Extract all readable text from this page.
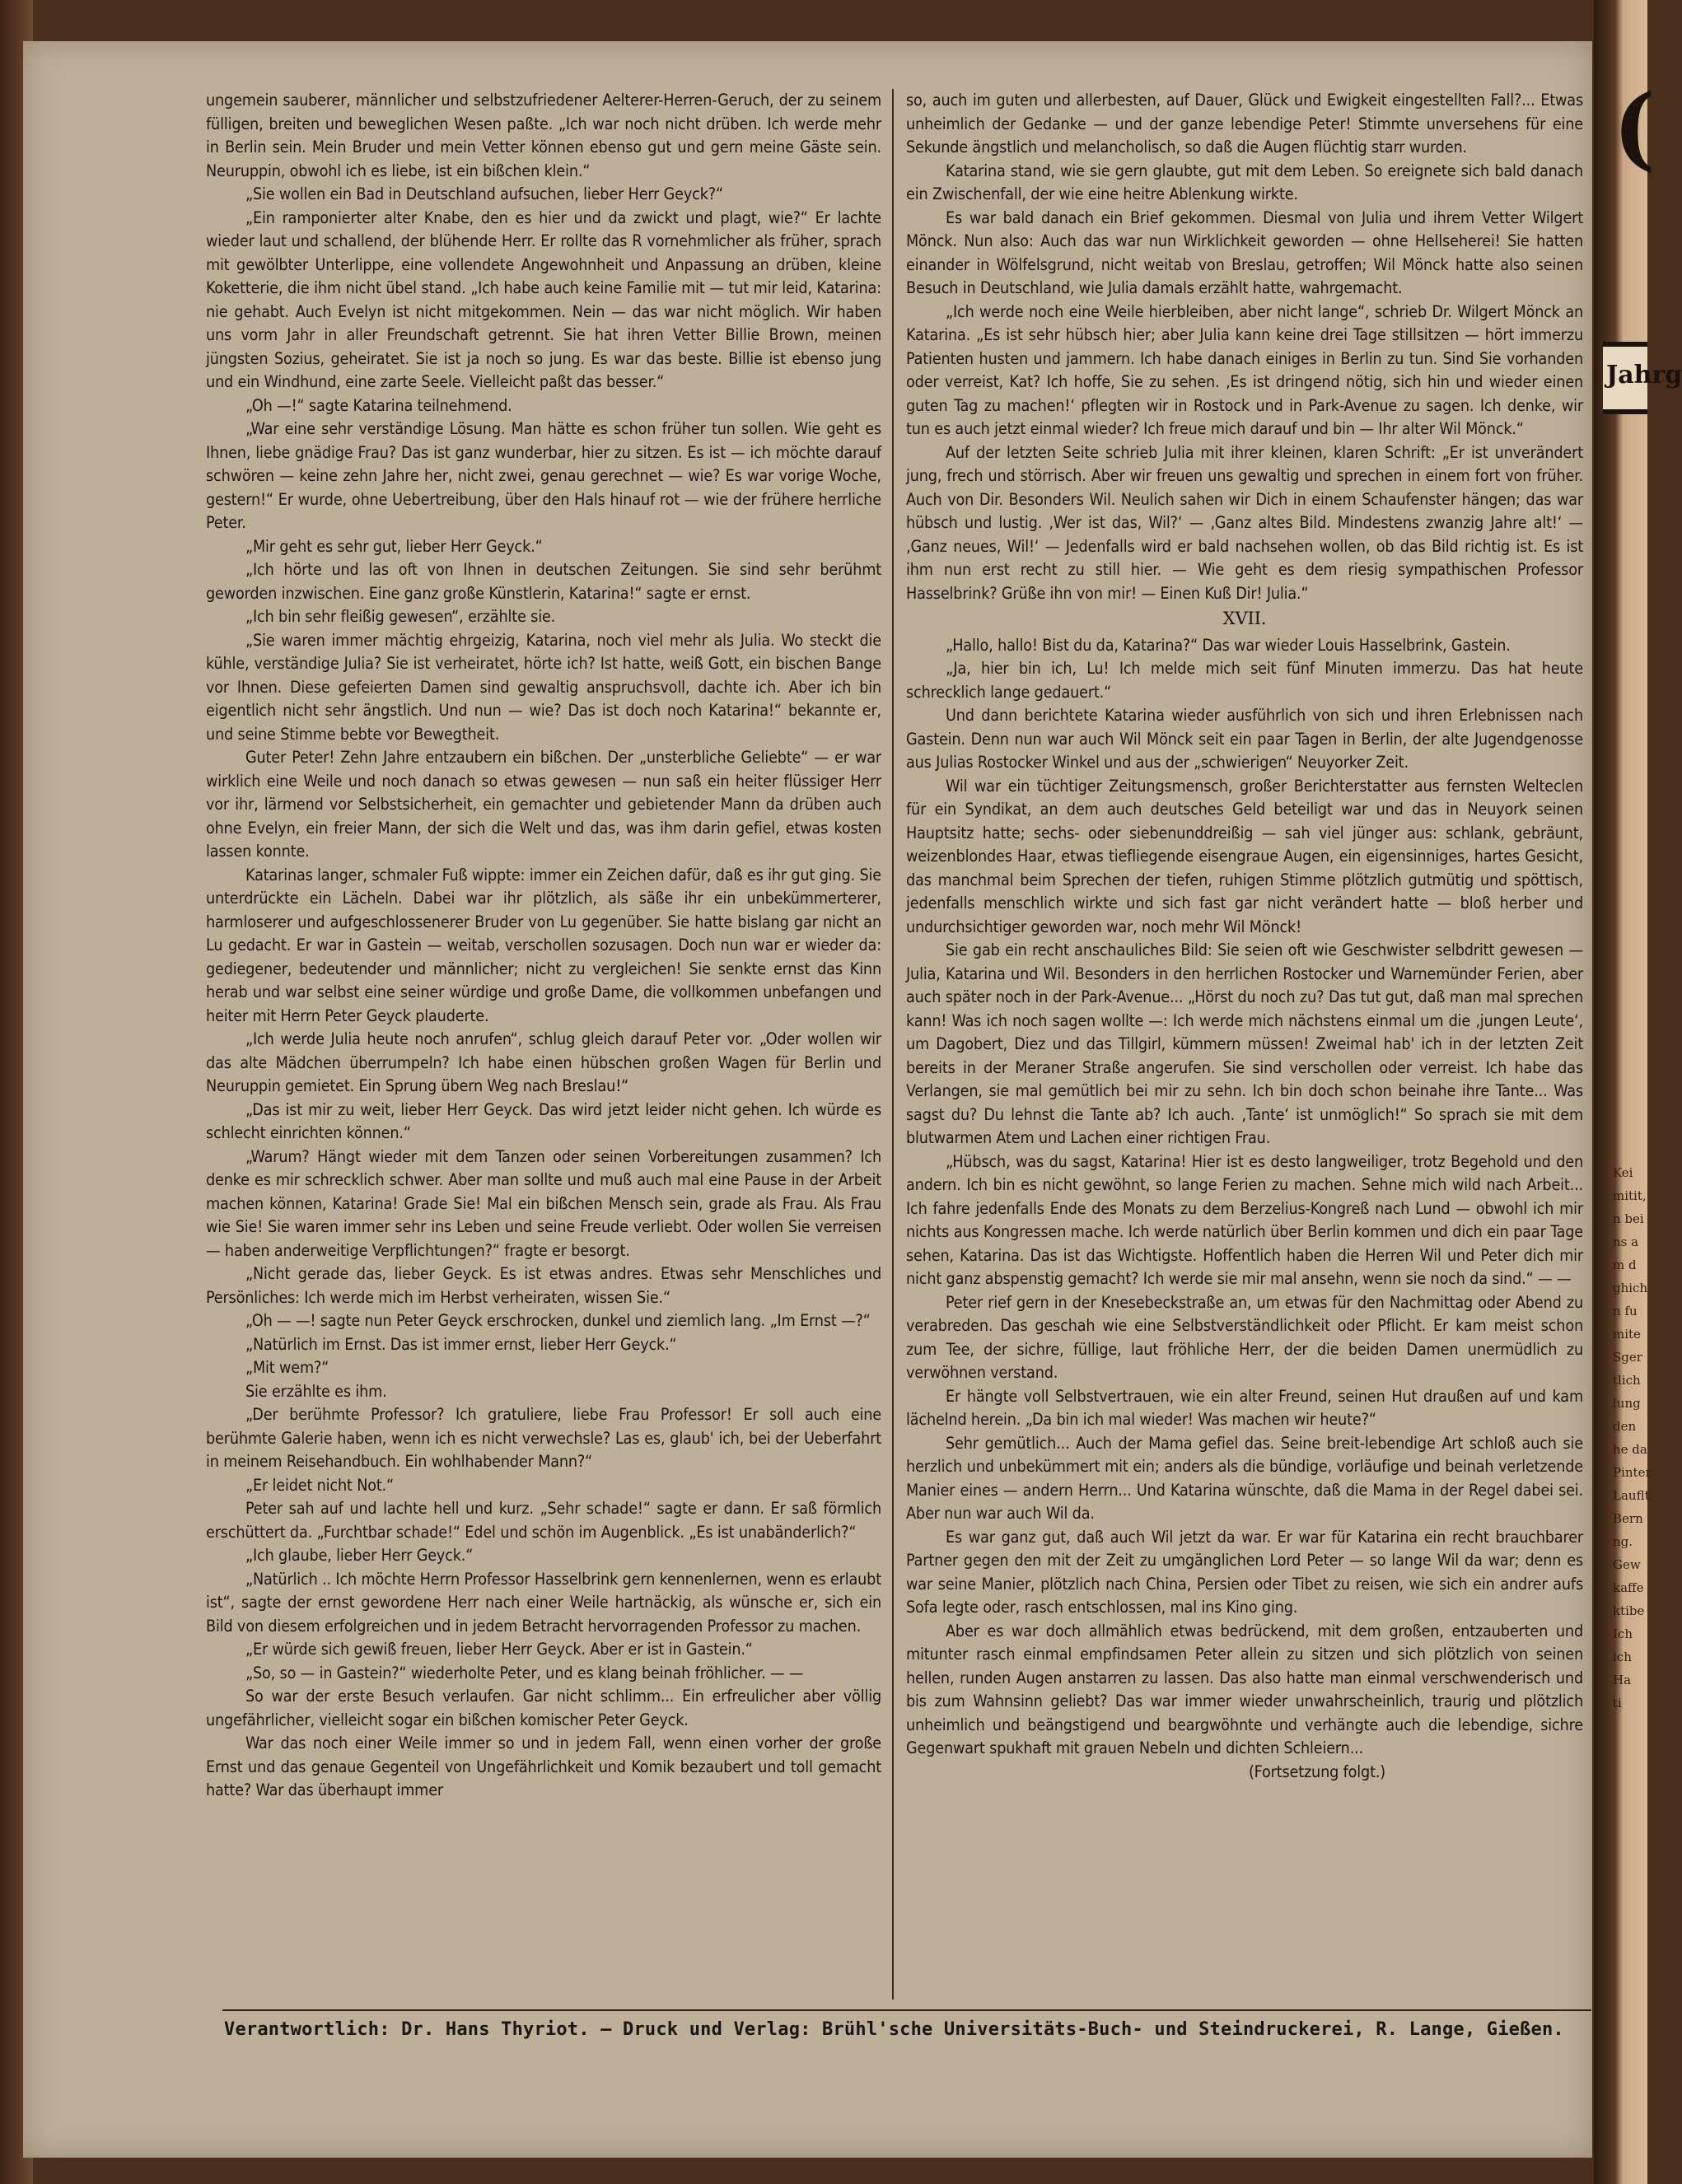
(
Jahrg
Kei
mitit,
n bei
ns a
m d
ghich
n fu
mite
Sger
tlich
lung
den
he da
Pinter
Lauflt
Bern
ng.
Gew
kaffe
ktibe
Ich
ich
Ha
ti

ungemein sauberer, männlicher und selbstzufriedener Aelterer-Herren-Geruch, der zu seinem fülligen, breiten und beweglichen Wesen paßte. „Ich war noch nicht drüben. Ich werde mehr in Berlin sein. Mein Bruder und mein Vetter können ebenso gut und gern meine Gäste sein. Neuruppin, obwohl ich es liebe, ist ein bißchen klein.“

„Sie wollen ein Bad in Deutschland aufsuchen, lieber Herr Geyck?“

„Ein ramponierter alter Knabe, den es hier und da zwickt und plagt, wie?“ Er lachte wieder laut und schallend, der blühende Herr. Er rollte das R vornehmlicher als früher, sprach mit gewölbter Unterlippe, eine vollendete Angewohnheit und Anpassung an drüben, kleine Koketterie, die ihm nicht übel stand. „Ich habe auch keine Familie mit — tut mir leid, Katarina: nie gehabt. Auch Evelyn ist nicht mitgekommen. Nein — das war nicht möglich. Wir haben uns vorm Jahr in aller Freundschaft getrennt. Sie hat ihren Vetter Billie Brown, meinen jüngsten Sozius, geheiratet. Sie ist ja noch so jung. Es war das beste. Billie ist ebenso jung und ein Windhund, eine zarte Seele. Vielleicht paßt das besser.“

„Oh —!“ sagte Katarina teilnehmend.

„War eine sehr verständige Lösung. Man hätte es schon früher tun sollen. Wie geht es Ihnen, liebe gnädige Frau? Das ist ganz wunderbar, hier zu sitzen. Es ist — ich möchte darauf schwören — keine zehn Jahre her, nicht zwei, genau gerechnet — wie? Es war vorige Woche, gestern!“ Er wurde, ohne Uebertreibung, über den Hals hinauf rot — wie der frühere herrliche Peter.

„Mir geht es sehr gut, lieber Herr Geyck.“

„Ich hörte und las oft von Ihnen in deutschen Zeitungen. Sie sind sehr berühmt geworden inzwischen. Eine ganz große Künstlerin, Katarina!“ sagte er ernst.

„Ich bin sehr fleißig gewesen“, erzählte sie.

„Sie waren immer mächtig ehrgeizig, Katarina, noch viel mehr als Julia. Wo steckt die kühle, verständige Julia? Sie ist verheiratet, hörte ich? Ist hatte, weiß Gott, ein bischen Bange vor Ihnen. Diese gefeierten Damen sind gewaltig anspruchsvoll, dachte ich. Aber ich bin eigentlich nicht sehr ängstlich. Und nun — wie? Das ist doch noch Katarina!“ bekannte er, und seine Stimme bebte vor Bewegtheit.

Guter Peter! Zehn Jahre entzaubern ein bißchen. Der „unsterbliche Geliebte“ — er war wirklich eine Weile und noch danach so etwas gewesen — nun saß ein heiter flüssiger Herr vor ihr, lärmend vor Selbstsicherheit, ein gemachter und gebietender Mann da drüben auch ohne Evelyn, ein freier Mann, der sich die Welt und das, was ihm darin gefiel, etwas kosten lassen konnte.

Katarinas langer, schmaler Fuß wippte: immer ein Zeichen dafür, daß es ihr gut ging. Sie unterdrückte ein Lächeln. Dabei war ihr plötzlich, als säße ihr ein unbekümmerterer, harmloserer und aufgeschlossenerer Bruder von Lu gegenüber. Sie hatte bislang gar nicht an Lu gedacht. Er war in Gastein — weitab, verschollen sozusagen. Doch nun war er wieder da: gediegener, bedeutender und männlicher; nicht zu vergleichen! Sie senkte ernst das Kinn herab und war selbst eine seiner würdige und große Dame, die vollkommen unbefangen und heiter mit Herrn Peter Geyck plauderte.

„Ich werde Julia heute noch anrufen“, schlug gleich darauf Peter vor. „Oder wollen wir das alte Mädchen überrumpeln? Ich habe einen hübschen großen Wagen für Berlin und Neuruppin gemietet. Ein Sprung übern Weg nach Breslau!“

„Das ist mir zu weit, lieber Herr Geyck. Das wird jetzt leider nicht gehen. Ich würde es schlecht einrichten können.“

„Warum? Hängt wieder mit dem Tanzen oder seinen Vorbereitungen zusammen? Ich denke es mir schrecklich schwer. Aber man sollte und muß auch mal eine Pause in der Arbeit machen können, Katarina! Grade Sie! Mal ein bißchen Mensch sein, grade als Frau. Als Frau wie Sie! Sie waren immer sehr ins Leben und seine Freude verliebt. Oder wollen Sie verreisen — haben anderweitige Verpflichtungen?“ fragte er besorgt.

„Nicht gerade das, lieber Geyck. Es ist etwas andres. Etwas sehr Menschliches und Persönliches: Ich werde mich im Herbst verheiraten, wissen Sie.“

„Oh — —! sagte nun Peter Geyck erschrocken, dunkel und ziemlich lang. „Im Ernst —?“

„Natürlich im Ernst. Das ist immer ernst, lieber Herr Geyck.“

„Mit wem?“

Sie erzählte es ihm.

„Der berühmte Professor? Ich gratuliere, liebe Frau Professor! Er soll auch eine berühmte Galerie haben, wenn ich es nicht verwechsle? Las es, glaub' ich, bei der Ueberfahrt in meinem Reisehandbuch. Ein wohlhabender Mann?“

„Er leidet nicht Not.“

Peter sah auf und lachte hell und kurz. „Sehr schade!“ sagte er dann. Er saß förmlich erschüttert da. „Furchtbar schade!“ Edel und schön im Augenblick. „Es ist unabänderlich?“

„Ich glaube, lieber Herr Geyck.“

„Natürlich .. Ich möchte Herrn Professor Hasselbrink gern kennenlernen, wenn es erlaubt ist“, sagte der ernst gewordene Herr nach einer Weile hartnäckig, als wünsche er, sich ein Bild von diesem erfolgreichen und in jedem Betracht hervorragenden Professor zu machen.

„Er würde sich gewiß freuen, lieber Herr Geyck. Aber er ist in Gastein.“

„So, so — in Gastein?“ wiederholte Peter, und es klang beinah fröhlicher. — —

So war der erste Besuch verlaufen. Gar nicht schlimm... Ein erfreulicher aber völlig ungefährlicher, vielleicht sogar ein bißchen komischer Peter Geyck.

War das noch einer Weile immer so und in jedem Fall, wenn einen vorher der große Ernst und das genaue Gegenteil von Ungefährlichkeit und Komik bezaubert und toll gemacht hatte? War das überhaupt immer

so, auch im guten und allerbesten, auf Dauer, Glück und Ewigkeit eingestellten Fall?... Etwas unheimlich der Gedanke — und der ganze lebendige Peter! Stimmte unversehens für eine Sekunde ängstlich und melancholisch, so daß die Augen flüchtig starr wurden.

Katarina stand, wie sie gern glaubte, gut mit dem Leben. So ereignete sich bald danach ein Zwischenfall, der wie eine heitre Ablenkung wirkte.

Es war bald danach ein Brief gekommen. Diesmal von Julia und ihrem Vetter Wilgert Mönck. Nun also: Auch das war nun Wirklichkeit geworden — ohne Hellseherei! Sie hatten einander in Wölfelsgrund, nicht weitab von Breslau, getroffen; Wil Mönck hatte also seinen Besuch in Deutschland, wie Julia damals erzählt hatte, wahrgemacht.

„Ich werde noch eine Weile hierbleiben, aber nicht lange“, schrieb Dr. Wilgert Mönck an Katarina. „Es ist sehr hübsch hier; aber Julia kann keine drei Tage stillsitzen — hört immerzu Patienten husten und jammern. Ich habe danach einiges in Berlin zu tun. Sind Sie vorhanden oder verreist, Kat? Ich hoffe, Sie zu sehen. ‚Es ist dringend nötig, sich hin und wieder einen guten Tag zu machen!‘ pflegten wir in Rostock und in Park-Avenue zu sagen. Ich denke, wir tun es auch jetzt einmal wieder? Ich freue mich darauf und bin — Ihr alter Wil Mönck.“

Auf der letzten Seite schrieb Julia mit ihrer kleinen, klaren Schrift: „Er ist unverändert jung, frech und störrisch. Aber wir freuen uns gewaltig und sprechen in einem fort von früher. Auch von Dir. Besonders Wil. Neulich sahen wir Dich in einem Schaufenster hängen; das war hübsch und lustig. ‚Wer ist das, Wil?‘ — ‚Ganz altes Bild. Mindestens zwanzig Jahre alt!‘ — ‚Ganz neues, Wil!‘ — Jedenfalls wird er bald nachsehen wollen, ob das Bild richtig ist. Es ist ihm nun erst recht zu still hier. — Wie geht es dem riesig sympathischen Professor Hasselbrink? Grüße ihn von mir! — Einen Kuß Dir! Julia.“

XVII.

„Hallo, hallo! Bist du da, Katarina?“ Das war wieder Louis Hasselbrink, Gastein.

„Ja, hier bin ich, Lu! Ich melde mich seit fünf Minuten immerzu. Das hat heute schrecklich lange gedauert.“

Und dann berichtete Katarina wieder ausführlich von sich und ihren Erlebnissen nach Gastein. Denn nun war auch Wil Mönck seit ein paar Tagen in Berlin, der alte Jugendgenosse aus Julias Rostocker Winkel und aus der „schwierigen“ Neuyorker Zeit.

Wil war ein tüchtiger Zeitungsmensch, großer Berichterstatter aus fernsten Welteclen für ein Syndikat, an dem auch deutsches Geld beteiligt war und das in Neuyork seinen Hauptsitz hatte; sechs- oder siebenunddreißig — sah viel jünger aus: schlank, gebräunt, weizenblondes Haar, etwas tiefliegende eisengraue Augen, ein eigensinniges, hartes Gesicht, das manchmal beim Sprechen der tiefen, ruhigen Stimme plötzlich gutmütig und spöttisch, jedenfalls menschlich wirkte und sich fast gar nicht verändert hatte — bloß herber und undurchsichtiger geworden war, noch mehr Wil Mönck!

Sie gab ein recht anschauliches Bild: Sie seien oft wie Geschwister selbdritt gewesen — Julia, Katarina und Wil. Besonders in den herrlichen Rostocker und Warnemünder Ferien, aber auch später noch in der Park-Avenue... „Hörst du noch zu? Das tut gut, daß man mal sprechen kann! Was ich noch sagen wollte —: Ich werde mich nächstens einmal um die ‚jungen Leute‘, um Dagobert, Diez und das Tillgirl, kümmern müssen! Zweimal hab' ich in der letzten Zeit bereits in der Meraner Straße angerufen. Sie sind verschollen oder verreist. Ich habe das Verlangen, sie mal gemütlich bei mir zu sehn. Ich bin doch schon beinahe ihre Tante... Was sagst du? Du lehnst die Tante ab? Ich auch. ‚Tante‘ ist unmöglich!“ So sprach sie mit dem blutwarmen Atem und Lachen einer richtigen Frau.

„Hübsch, was du sagst, Katarina! Hier ist es desto langweiliger, trotz Begehold und den andern. Ich bin es nicht gewöhnt, so lange Ferien zu machen. Sehne mich wild nach Arbeit... Ich fahre jedenfalls Ende des Monats zu dem Berzelius-Kongreß nach Lund — obwohl ich mir nichts aus Kongressen mache. Ich werde natürlich über Berlin kommen und dich ein paar Tage sehen, Katarina. Das ist das Wichtigste. Hoffentlich haben die Herren Wil und Peter dich mir nicht ganz abspenstig gemacht? Ich werde sie mir mal ansehn, wenn sie noch da sind.“ — —

Peter rief gern in der Knesebeckstraße an, um etwas für den Nachmittag oder Abend zu verabreden. Das geschah wie eine Selbstverständlichkeit oder Pflicht. Er kam meist schon zum Tee, der sichre, füllige, laut fröhliche Herr, der die beiden Damen unermüdlich zu verwöhnen verstand.

Er hängte voll Selbstvertrauen, wie ein alter Freund, seinen Hut draußen auf und kam lächelnd herein. „Da bin ich mal wieder! Was machen wir heute?“

Sehr gemütlich... Auch der Mama gefiel das. Seine breit-lebendige Art schloß auch sie herzlich und unbekümmert mit ein; anders als die bündige, vorläufige und beinah verletzende Manier eines — andern Herrn... Und Katarina wünschte, daß die Mama in der Regel dabei sei. Aber nun war auch Wil da.

Es war ganz gut, daß auch Wil jetzt da war. Er war für Katarina ein recht brauchbarer Partner gegen den mit der Zeit zu umgänglichen Lord Peter — so lange Wil da war; denn es war seine Manier, plötzlich nach China, Persien oder Tibet zu reisen, wie sich ein andrer aufs Sofa legte oder, rasch entschlossen, mal ins Kino ging.

Aber es war doch allmählich etwas bedrückend, mit dem großen, entzauberten und mitunter rasch einmal empfindsamen Peter allein zu sitzen und sich plötzlich von seinen hellen, runden Augen anstarren zu lassen. Das also hatte man einmal verschwenderisch und bis zum Wahnsinn geliebt? Das war immer wieder unwahrscheinlich, traurig und plötzlich unheimlich und beängstigend und beargwöhnte und verhängte auch die lebendige, sichre Gegenwart spukhaft mit grauen Nebeln und dichten Schleiern...

(Fortsetzung folgt.)

Verantwortlich: Dr. Hans Thyriot. — Druck und Verlag: Brühl'sche Universitäts-Buch- und Steindruckerei, R. Lange, Gießen.
